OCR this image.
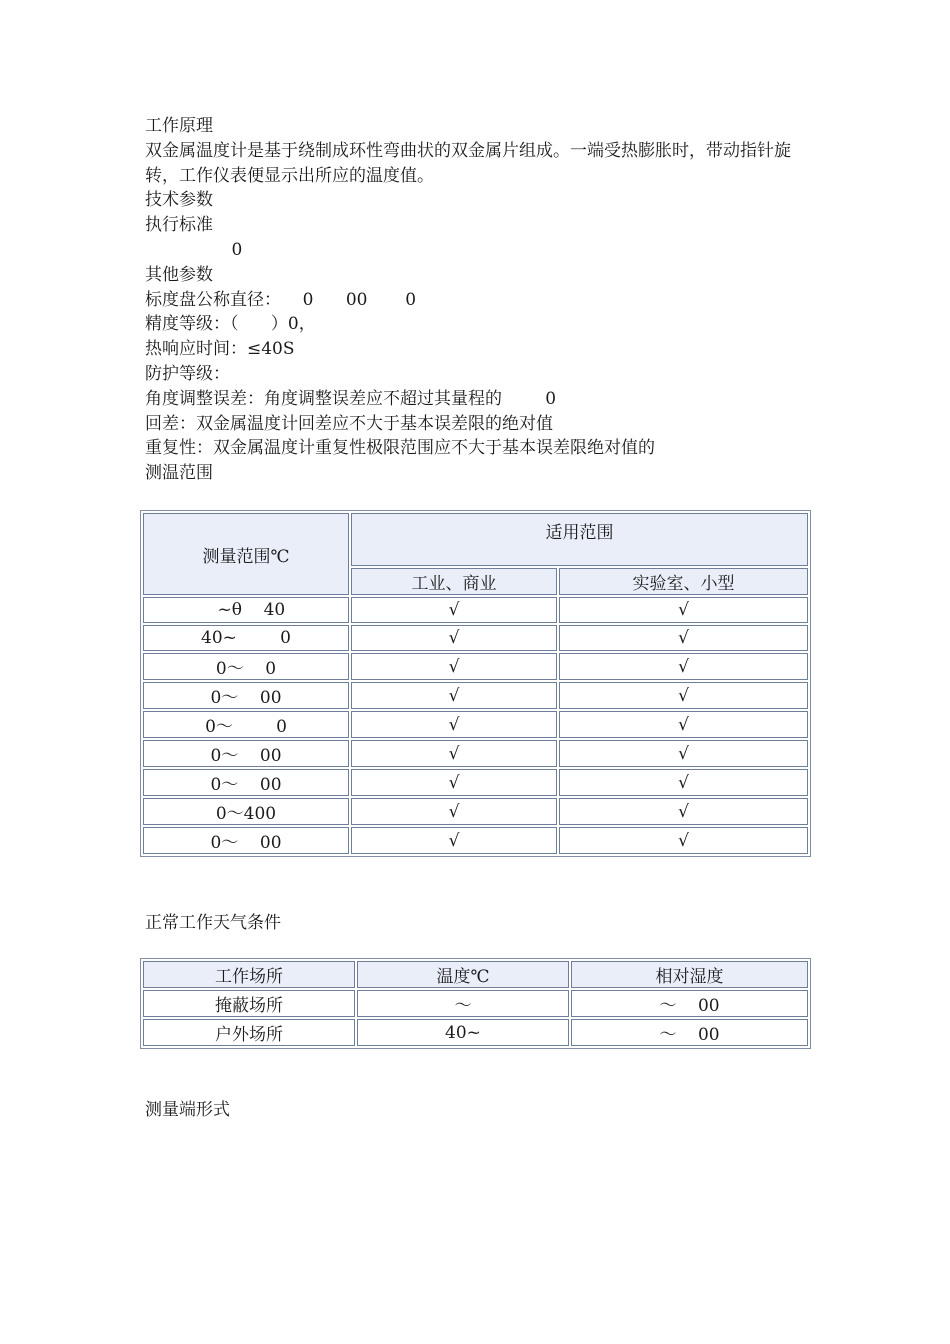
工作原理

双金属温度计是基于绕制成环性弯曲状的双金属片组成。一端受热膨胀时，带动指针旋转，工作仪表便显示出所应的温度值。

技术参数

执行标准

0

其他参数

标度盘公称直径：    0      00       0

精度等级：（      ）0，

热响应时间：≤40S

防护等级：

角度调整误差：角度调整误差应不超过其量程的        0

回差：双金属温度计回差应不大于基本误差限的绝对值

重复性：双金属温度计重复性极限范围应不大于基本误差限绝对值的

测温范围

测量范围℃	适用范围	
	工业、商业	实验室、小型
~θ    40	√	√
40~        0	√	√
0～    0	√	√
0～    00	√	√
0～        0	√	√
0～    00	√	√
0～    00	√	√
0～400	√	√
0～    00	√	√

正常工作天气条件

工作场所	温度℃	相对湿度
掩蔽场所	～	～    00
户外场所	40~	～    00

测量端形式
